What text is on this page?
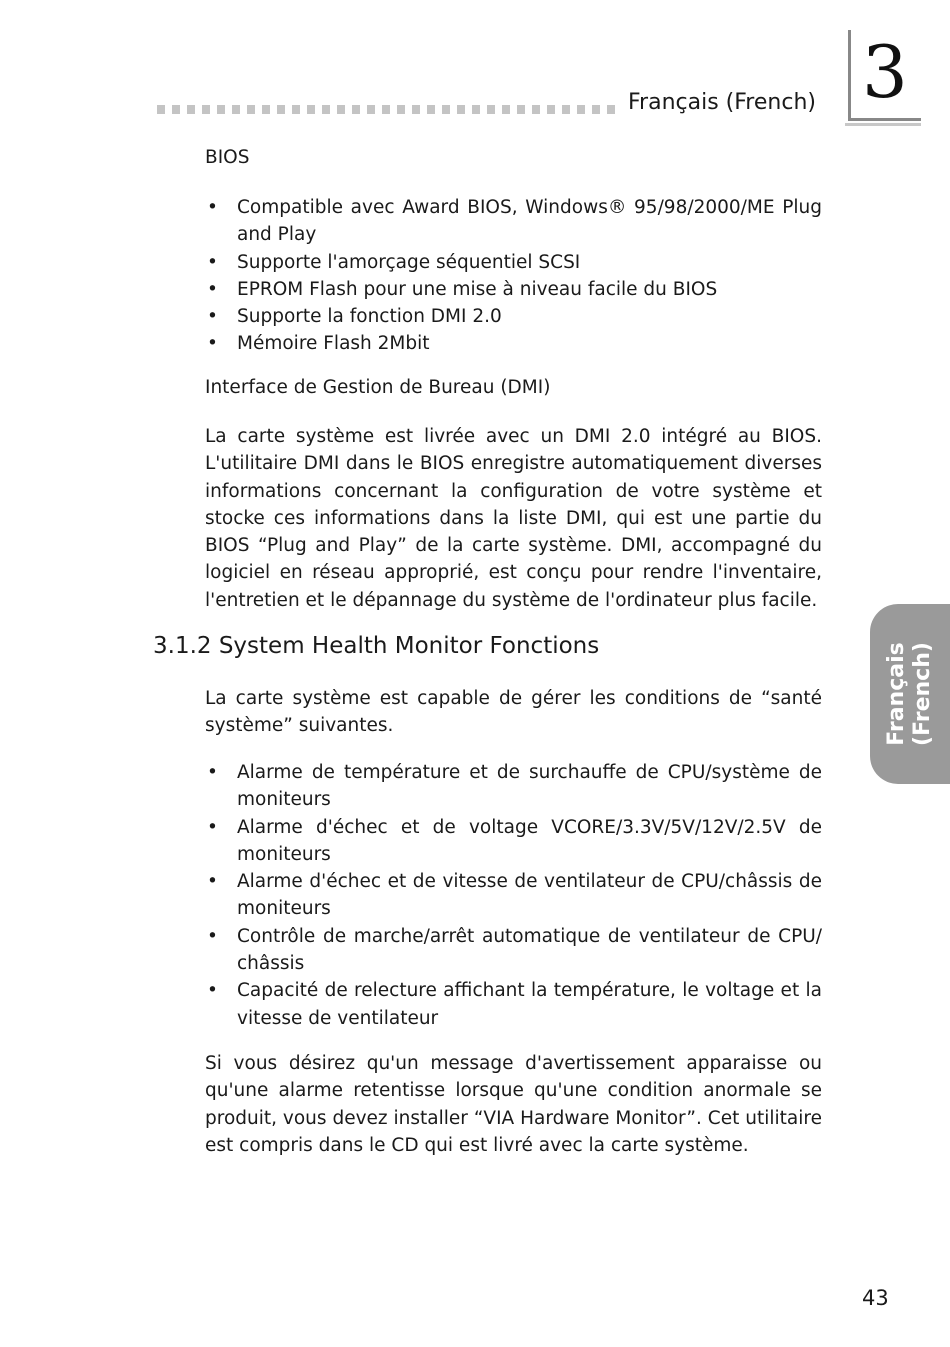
Français (French) 3
Français (French)
BIOS
• Compatible avec Award BIOS, Windows® 95/98/2000/ME Plug and Play
• Supporte l'amorçage séquentiel SCSI
• EPROM Flash pour une mise à niveau facile du BIOS
• Supporte la fonction DMI 2.0
• Mémoire Flash 2Mbit
Interface de Gestion de Bureau (DMI)

La carte système est livrée avec un DMI 2.0 intégré au BIOS. L'utilitaire DMI dans le BIOS enregistre automatiquement diverses informations concernant la configuration de votre système et stocke ces informations dans la liste DMI, qui est une partie du BIOS “Plug and Play” de la carte système. DMI, accompagné du logiciel en réseau approprié, est conçu pour rendre l'inventaire, l'entretien et le dépannage du système de l'ordinateur plus facile.

3.1.2 System Health Monitor Fonctions

La carte système est capable de gérer les conditions de “santé système” suivantes.

• Alarme de température et de surchauffe de CPU/système de moniteurs
• Alarme d'échec et de voltage VCORE/3.3V/5V/12V/2.5V de moniteurs
• Alarme d'échec et de vitesse de ventilateur de CPU/châssis de moniteurs
• Contrôle de marche/arrêt automatique de ventilateur de CPU/ châssis
• Capacité de relecture affichant la température, le voltage et la vitesse de ventilateur

Si vous désirez qu'un message d'avertissement apparaisse ou qu'une alarme retentisse lorsque qu'une condition anormale se produit, vous devez installer “VIA Hardware Monitor”. Cet utilitaire est compris dans le CD qui est livré avec la carte système.

43
